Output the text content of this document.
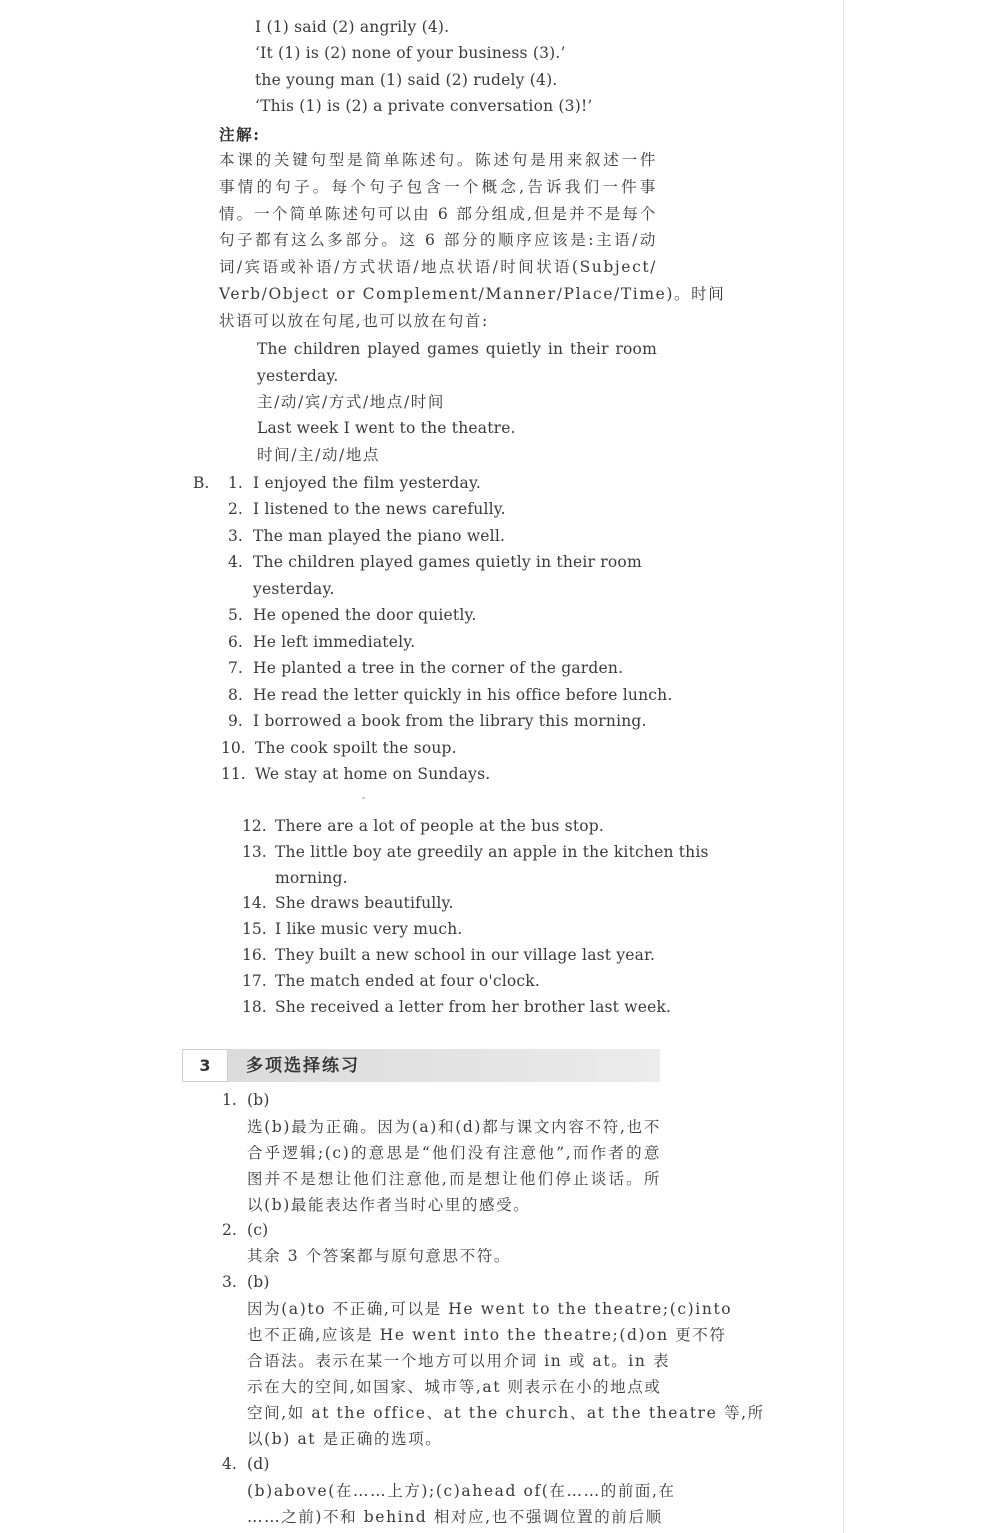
I (1) said (2) angrily (4).
‘It (1) is (2) none of your business (3).’
the young man (1) said (2) rudely (4).
‘This (1) is (2) a private conversation (3)!’
注解:
本课的关键句型是简单陈述句。陈述句是用来叙述一件
事情的句子。每个句子包含一个概念,告诉我们一件事
情。一个简单陈述句可以由 6 部分组成,但是并不是每个
句子都有这么多部分。这 6 部分的顺序应该是:主语/动
词/宾语或补语/方式状语/地点状语/时间状语(Subject/
Verb/Object or Complement/Manner/Place/Time)。时间
状语可以放在句尾,也可以放在句首:
The children played games quietly in their room
yesterday.
主/动/宾/方式/地点/时间
Last week I went to the theatre.
时间/主/动/地点
B. 1. I enjoyed the film yesterday.
2. I listened to the news carefully.
3. The man played the piano well.
4. The children played games quietly in their room
yesterday.
5. He opened the door quietly.
6. He left immediately.
7. He planted a tree in the corner of the garden.
8. He read the letter quickly in his office before lunch.
9. I borrowed a book from the library this morning.
10. The cook spoilt the soup.
11. We stay at home on Sundays.
12. There are a lot of people at the bus stop.
13. The little boy ate greedily an apple in the kitchen this
morning.
14. She draws beautifully.
15. I like music very much.
16. They built a new school in our village last year.
17. The match ended at four o'clock.
18. She received a letter from her brother last week.
3	多项选择练习
1. (b)
选(b)最为正确。因为(a)和(d)都与课文内容不符,也不
合乎逻辑;(c)的意思是“他们没有注意他”,而作者的意
图并不是想让他们注意他,而是想让他们停止谈话。所
以(b)最能表达作者当时心里的感受。
2. (c)
其余 3 个答案都与原句意思不符。
3. (b)
因为(a)to 不正确,可以是 He went to the theatre;(c)into
也不正确,应该是 He went into the theatre;(d)on 更不符
合语法。表示在某一个地方可以用介词 in 或 at。in 表
示在大的空间,如国家、城市等,at 则表示在小的地点或
空间,如 at the office、at the church、at the theatre 等,所
以(b) at 是正确的选项。
4. (d)
(b)above(在……上方);(c)ahead of(在……的前面,在
……之前)不和 behind 相对应,也不强调位置的前后顺
